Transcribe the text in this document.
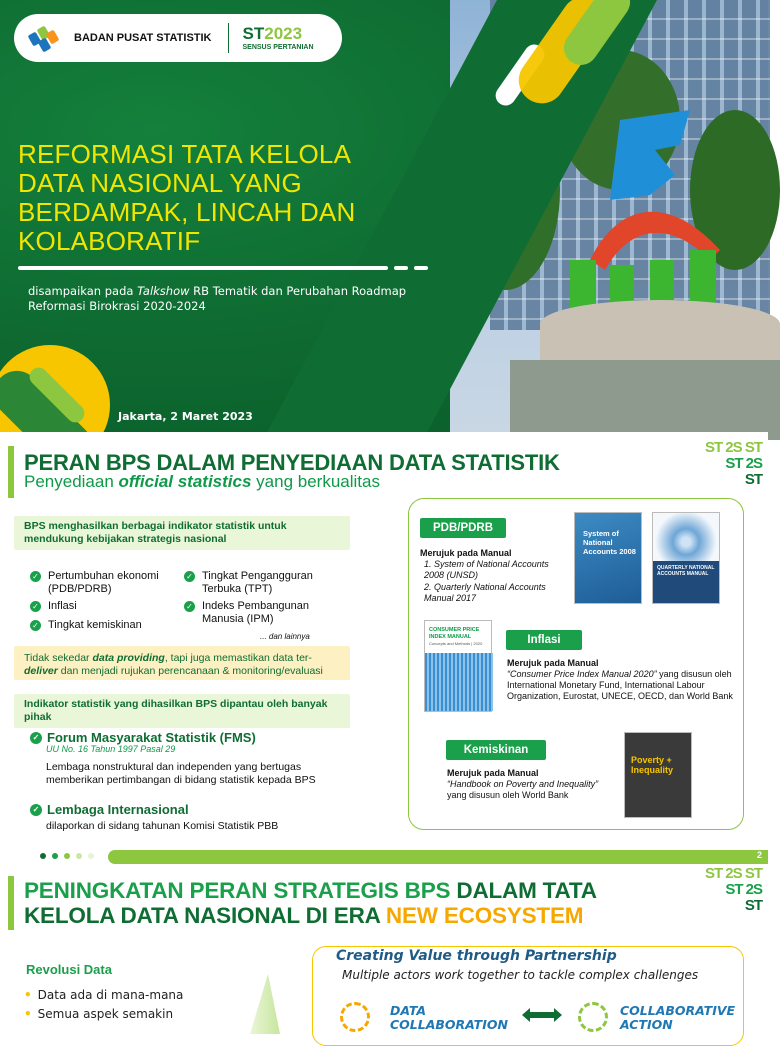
BADAN PUSAT STATISTIK ST2023
SENSUS PERTANIAN
REFORMASI TATA KELOLA
DATA NASIONAL YANG
BERDAMPAK, LINCAH DAN
KOLABORATIF
disampaikan pada Talkshow RB Tematik dan Perubahan Roadmap Reformasi Birokrasi 2020-2024
Jakarta, 2 Maret 2023
ST 2S ST
ST 2S
ST
PERAN BPS DALAM PENYEDIAAN DATA STATISTIK
Penyediaan official statistics yang berkualitas
BPS menghasilkan berbagai indikator statistik untuk mendukung kebijakan strategis nasional
✓ Pertumbuhan ekonomi (PDB/PDRB)
✓ Inflasi
✓ Tingkat kemiskinan
✓ Tingkat Pengangguran Terbuka (TPT)
✓ Indeks Pembangunan Manusia (IPM)
... dan lainnya
Tidak sekedar data providing, tapi juga memastikan data ter-deliver dan menjadi rujukan perencanaan & monitoring/evaluasi
Indikator statistik yang dihasilkan BPS dipantau oleh banyak pihak
✓ Forum Masyarakat Statistik (FMS)
UU No. 16 Tahun 1997 Pasal 29
Lembaga nonstruktural dan independen yang bertugas memberikan pertimbangan di bidang statistik kepada BPS
✓ Lembaga Internasional
dilaporkan di sidang tahunan Komisi Statistik PBB
PDB/PDRB
Merujuk pada Manual
1. System of National Accounts 2008 (UNSD)
2. Quarterly National Accounts Manual 2017
System of National Accounts 2008
QUARTERLY NATIONAL ACCOUNTS MANUAL
CONSUMER PRICE INDEX MANUAL
Concepts and Methods | 2020	Inflasi
Merujuk pada Manual
“Consumer Price Index Manual 2020” yang disusun oleh International Monetary Fund, International Labour Organization, Eurostat, UNECE, OECD, dan World Bank
Kemiskinan
Merujuk pada Manual
“Handbook on Poverty and Inequality” yang disusun oleh World Bank
Poverty + Inequality
2
ST 2S ST
ST 2S
ST
PENINGKATAN PERAN STRATEGIS BPS DALAM TATA
KELOLA DATA NASIONAL DI ERA NEW ECOSYSTEM
Revolusi Data
• Data ada di mana-mana
• Semua aspek semakin
Creating Value through Partnership
Multiple actors work together to tackle complex challenges
DATA
COLLABORATION
COLLABORATIVE
ACTION
